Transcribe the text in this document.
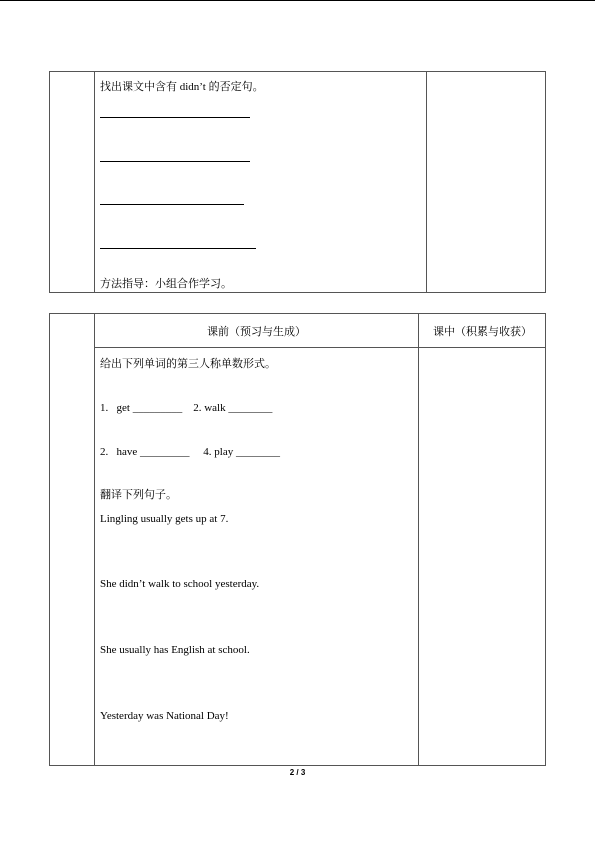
找出课文中含有 didn’t 的否定句。
方法指导：小组合作学习。
课前（预习与生成）	课中（积累与收获）
给出下列单词的第三人称单数形式。
1.   get _________    2. walk ________
2.   have _________     4. play ________
翻译下列句子。
Lingling usually gets up at 7.
She didn’t walk to school yesterday.
She usually has English at school.
Yesterday was National Day!
2 / 3
